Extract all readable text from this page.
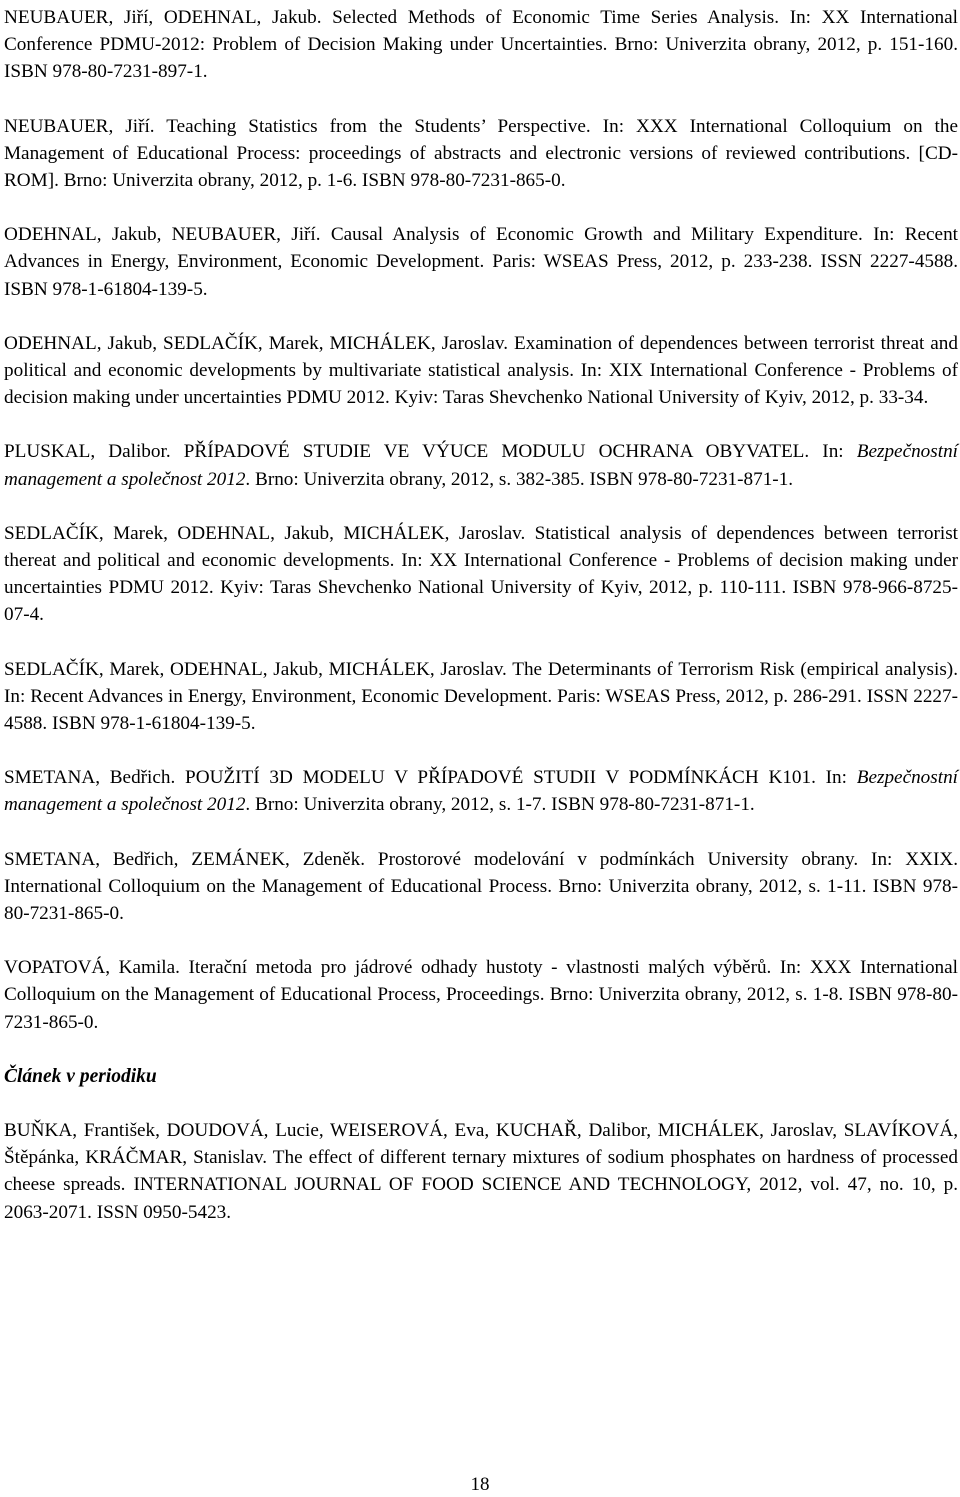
NEUBAUER, Jiří, ODEHNAL, Jakub. Selected Methods of Economic Time Series Analysis. In: XX International Conference PDMU-2012: Problem of Decision Making under Uncertainties. Brno: Univerzita obrany, 2012, p. 151-160. ISBN 978-80-7231-897-1.

NEUBAUER, Jiří. Teaching Statistics from the Students’ Perspective. In: XXX International Colloquium on the Management of Educational Process: proceedings of abstracts and electronic versions of reviewed contributions. [CD-ROM]. Brno: Univerzita obrany, 2012, p. 1-6. ISBN 978-80-7231-865-0.

ODEHNAL, Jakub, NEUBAUER, Jiří. Causal Analysis of Economic Growth and Military Expenditure. In: Recent Advances in Energy, Environment, Economic Development. Paris: WSEAS Press, 2012, p. 233-238. ISSN 2227-4588. ISBN 978-1-61804-139-5.

ODEHNAL, Jakub, SEDLAČÍK, Marek, MICHÁLEK, Jaroslav. Examination of dependences between terrorist threat and political and economic developments by multivariate statistical analysis. In: XIX International Conference - Problems of decision making under uncertainties PDMU 2012. Kyiv: Taras Shevchenko National University of Kyiv, 2012, p. 33-34.

PLUSKAL, Dalibor. PŘÍPADOVÉ STUDIE VE VÝUCE MODULU OCHRANA OBYVATEL. In: Bezpečnostní management a společnost 2012. Brno: Univerzita obrany, 2012, s. 382-385. ISBN 978-80-7231-871-1.

SEDLAČÍK, Marek, ODEHNAL, Jakub, MICHÁLEK, Jaroslav. Statistical analysis of dependences between terrorist thereat and political and economic developments. In: XX International Conference - Problems of decision making under uncertainties PDMU 2012. Kyiv: Taras Shevchenko National University of Kyiv, 2012, p. 110-111. ISBN 978-966-8725-07-4.

SEDLAČÍK, Marek, ODEHNAL, Jakub, MICHÁLEK, Jaroslav. The Determinants of Terrorism Risk (empirical analysis). In: Recent Advances in Energy, Environment, Economic Development. Paris: WSEAS Press, 2012, p. 286-291. ISSN 2227-4588. ISBN 978-1-61804-139-5.

SMETANA, Bedřich. POUŽITÍ 3D MODELU V PŘÍPADOVÉ STUDII V PODMÍNKÁCH K101. In: Bezpečnostní management a společnost 2012. Brno: Univerzita obrany, 2012, s. 1-7. ISBN 978-80-7231-871-1.

SMETANA, Bedřich, ZEMÁNEK, Zdeněk. Prostorové modelování v podmínkách University obrany. In: XXIX. International Colloquium on the Management of Educational Process. Brno: Univerzita obrany, 2012, s. 1-11. ISBN 978-80-7231-865-0.

VOPATOVÁ, Kamila. Iterační metoda pro jádrové odhady hustoty - vlastnosti malých výběrů. In: XXX International Colloquium on the Management of Educational Process, Proceedings. Brno: Univerzita obrany, 2012, s. 1-8. ISBN 978-80-7231-865-0.

Článek v periodiku

BUŇKA, František, DOUDOVÁ, Lucie, WEISEROVÁ, Eva, KUCHAŘ, Dalibor, MICHÁLEK, Jaroslav, SLAVÍKOVÁ, Štěpánka, KRÁČMAR, Stanislav. The effect of different ternary mixtures of sodium phosphates on hardness of processed cheese spreads. INTERNATIONAL JOURNAL OF FOOD SCIENCE AND TECHNOLOGY, 2012, vol. 47, no. 10, p. 2063-2071. ISSN 0950-5423.

18
